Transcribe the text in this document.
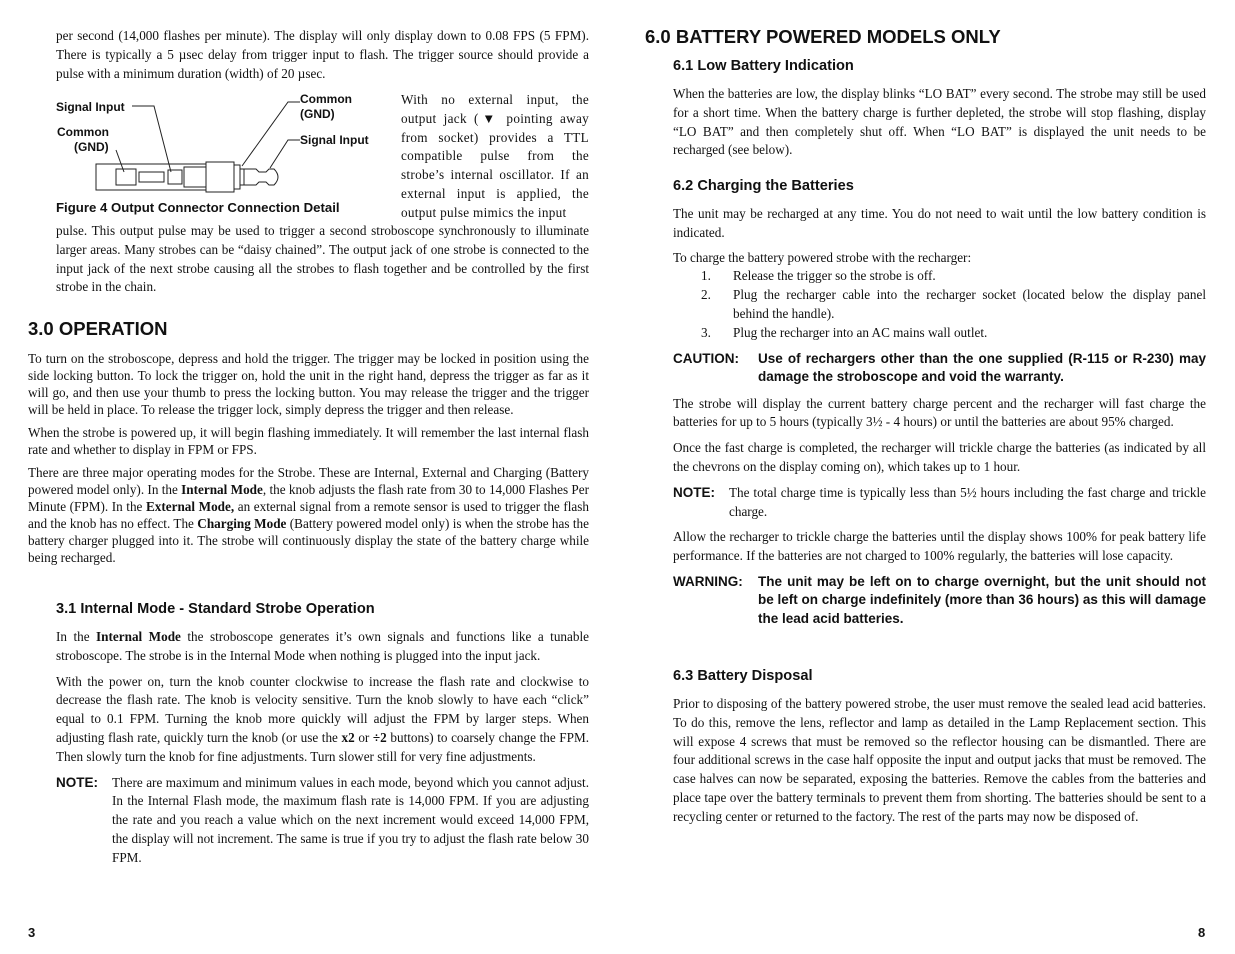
per second (14,000 flashes per minute). The display will only display down to 0.08 FPS (5 FPM). There is typically a 5 µsec delay from trigger input to flash. The trigger source should provide a pulse with a minimum duration (width) of 20 µsec.

Signal Input
Common
(GND)
Common
(GND)
Signal Input
Figure 4 Output Connector Connection Detail

With no external input, the output jack (▼ pointing away from socket) provides a TTL compatible pulse from the strobe’s internal oscillator. If an external input is applied, the output pulse mimics the input

pulse. This output pulse may be used to trigger a second stroboscope synchronously to illuminate larger areas. Many strobes can be “daisy chained”. The output jack of one strobe is connected to the input jack of the next strobe causing all the strobes to flash together and be controlled by the first strobe in the chain.

3.0 OPERATION

To turn on the stroboscope, depress and hold the trigger. The trigger may be locked in position using the side locking button. To lock the trigger on, hold the unit in the right hand, depress the trigger as far as it will go, and then use your thumb to press the locking button. You may release the trigger and the trigger will be held in place. To release the trigger lock, simply depress the trigger and then release.

When the strobe is powered up, it will begin flashing immediately. It will remember the last internal flash rate and whether to display in FPM or FPS.

There are three major operating modes for the Strobe. These are Internal, External and Charging (Battery powered model only). In the Internal Mode, the knob adjusts the flash rate from 30 to 14,000 Flashes Per Minute (FPM). In the External Mode, an external signal from a remote sensor is used to trigger the flash and the knob has no effect. The Charging Mode (Battery powered model only) is when the strobe has the battery charger plugged into it. The strobe will continuously display the state of the battery charge while being recharged.

3.1 Internal Mode - Standard Strobe Operation

In the Internal Mode the stroboscope generates it’s own signals and functions like a tunable stroboscope. The strobe is in the Internal Mode when nothing is plugged into the input jack.

With the power on, turn the knob counter clockwise to increase the flash rate and clockwise to decrease the flash rate. The knob is velocity sensitive. Turn the knob slowly to have each “click” equal to 0.1 FPM. Turning the knob more quickly will adjust the FPM by larger steps. When adjusting flash rate, quickly turn the knob (or use the x2 or ÷2 buttons) to coarsely change the FPM. Then slowly turn the knob for fine adjustments. Turn slower still for very fine adjustments.

NOTE:	There are maximum and minimum values in each mode, beyond which you cannot adjust. In the Internal Flash mode, the maximum flash rate is 14,000 FPM. If you are adjusting the rate and you reach a value which on the next increment would exceed 14,000 FPM, the display will not increment. The same is true if you try to adjust the flash rate below 30 FPM.
3
6.0 BATTERY POWERED MODELS ONLY
6.1 Low Battery Indication

When the batteries are low, the display blinks “LO BAT” every second. The strobe may still be used for a short time. When the battery charge is further depleted, the strobe will stop flashing, display “LO BAT” and then completely shut off. When “LO BAT” is displayed the unit needs to be recharged (see below).

6.2 Charging the Batteries

The unit may be recharged at any time. You do not need to wait until the low battery condition is indicated.

To charge the battery powered strobe with the recharger:

1.	Release the trigger so the strobe is off.
2.	Plug the recharger cable into the recharger socket (located below the display panel behind the handle).
3.	Plug the recharger into an AC mains wall outlet.
CAUTION:	Use of rechargers other than the one supplied (R-115 or R-230) may damage the stroboscope and void the warranty.

The strobe will display the current battery charge percent and the recharger will fast charge the batteries for up to 5 hours (typically 3½ - 4 hours) or until the batteries are about 95% charged.

Once the fast charge is completed, the recharger will trickle charge the batteries (as indicated by all the chevrons on the display coming on), which takes up to 1 hour.

NOTE:	The total charge time is typically less than 5½ hours including the fast charge and trickle charge.

Allow the recharger to trickle charge the batteries until the display shows 100% for peak battery life performance. If the batteries are not charged to 100% regularly, the batteries will lose capacity.

WARNING:	The unit may be left on to charge overnight, but the unit should not be left on charge indefinitely (more than 36 hours) as this will damage the lead acid batteries.
6.3 Battery Disposal

Prior to disposing of the battery powered strobe, the user must remove the sealed lead acid batteries. To do this, remove the lens, reflector and lamp as detailed in the Lamp Replacement section. This will expose 4 screws that must be removed so the reflector housing can be dismantled. There are four additional screws in the case half opposite the input and output jacks that must be removed. The case halves can now be separated, exposing the batteries. Remove the cables from the batteries and place tape over the battery terminals to prevent them from shorting. The batteries should be sent to a recycling center or returned to the factory. The rest of the parts may now be disposed of.

8
